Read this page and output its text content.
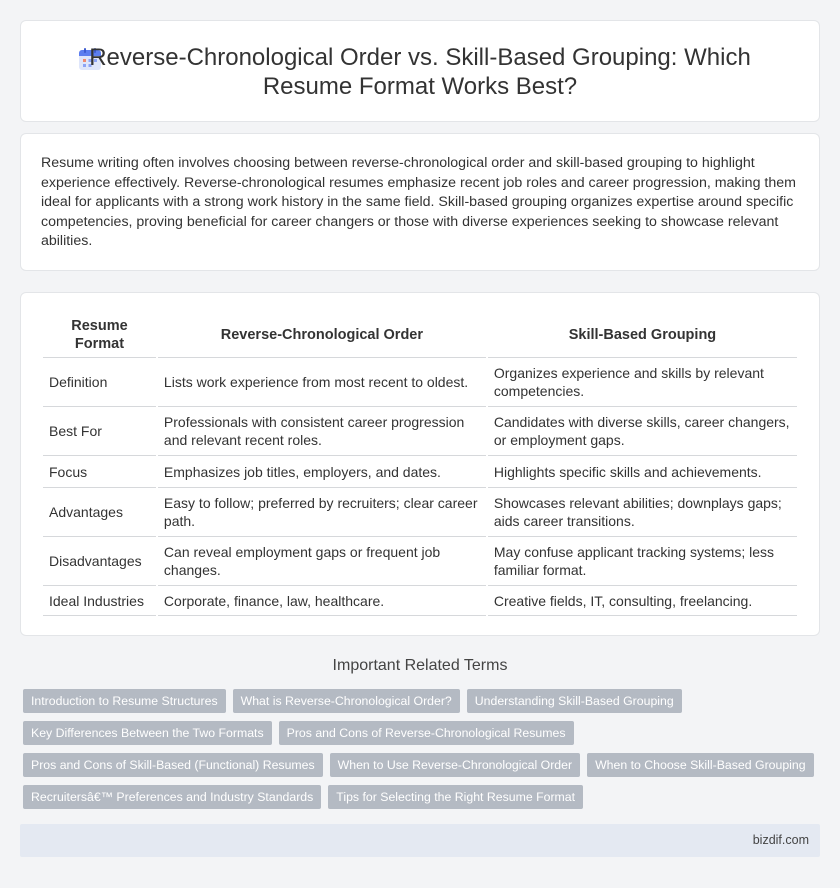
Reverse-Chronological Order vs. Skill-Based Grouping: Which Resume Format Works Best?

Resume writing often involves choosing between reverse-chronological order and skill-based grouping to highlight experience effectively. Reverse-chronological resumes emphasize recent job roles and career progression, making them ideal for applicants with a strong work history in the same field. Skill-based grouping organizes expertise around specific competencies, proving beneficial for career changers or those with diverse experiences seeking to showcase relevant abilities.

Resume Format	Reverse-Chronological Order	Skill-Based Grouping
Definition	Lists work experience from most recent to oldest.	Organizes experience and skills by relevant competencies.
Best For	Professionals with consistent career progression and relevant recent roles.	Candidates with diverse skills, career changers, or employment gaps.
Focus	Emphasizes job titles, employers, and dates.	Highlights specific skills and achievements.
Advantages	Easy to follow; preferred by recruiters; clear career path.	Showcases relevant abilities; downplays gaps; aids career transitions.
Disadvantages	Can reveal employment gaps or frequent job changes.	May confuse applicant tracking systems; less familiar format.
Ideal Industries	Corporate, finance, law, healthcare.	Creative fields, IT, consulting, freelancing.
Important Related Terms
Introduction to Resume Structures	What is Reverse-Chronological Order?	Understanding Skill-Based Grouping
Key Differences Between the Two Formats	Pros and Cons of Reverse-Chronological Resumes
Pros and Cons of Skill-Based (Functional) Resumes	When to Use Reverse-Chronological Order	When to Choose Skill-Based Grouping
Recruitersâ€™ Preferences and Industry Standards	Tips for Selecting the Right Resume Format
bizdif.com
